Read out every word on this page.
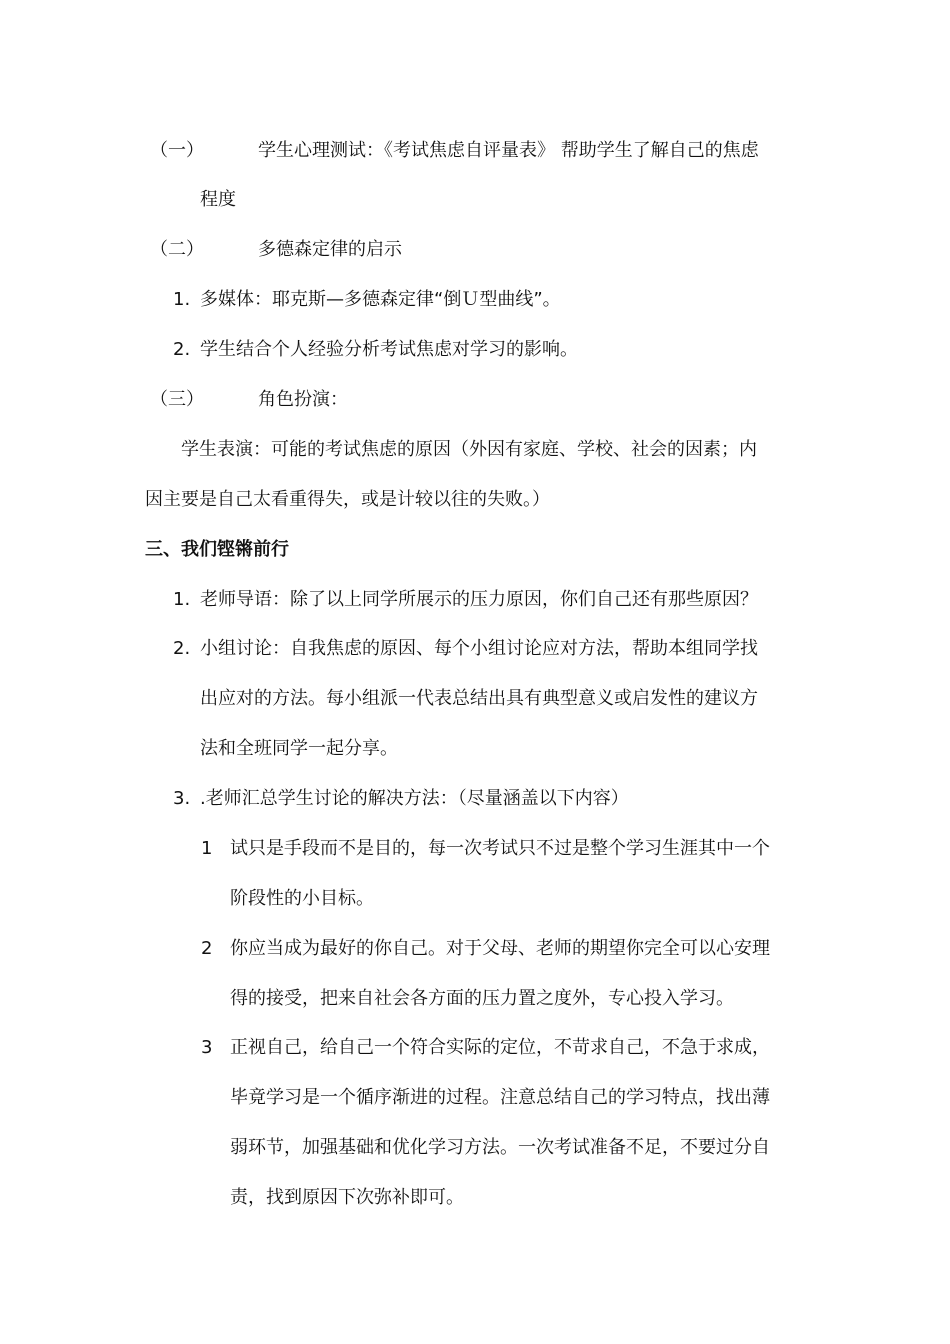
（一）	学生心理测试：《考试焦虑自评量表》 帮助学生了解自己的焦虑
程度
（二）	多德森定律的启示
1. 多媒体：耶克斯—多德森定律“倒Ｕ型曲线”。
2. 学生结合个人经验分析考试焦虑对学习的影响。
（三）	角色扮演：
学生表演：可能的考试焦虑的原因（外因有家庭、学校、社会的因素；内
因主要是自己太看重得失，或是计较以往的失败。）
三、我们铿锵前行
1. 老师导语：除了以上同学所展示的压力原因，你们自己还有那些原因？
2. 小组讨论：自我焦虑的原因、每个小组讨论应对方法，帮助本组同学找
出应对的方法。每小组派一代表总结出具有典型意义或启发性的建议方
法和全班同学一起分享。
3. .老师汇总学生讨论的解决方法：（尽量涵盖以下内容）
1 试只是手段而不是目的，每一次考试只不过是整个学习生涯其中一个
阶段性的小目标。
2 你应当成为最好的你自己。对于父母、老师的期望你完全可以心安理
得的接受，把来自社会各方面的压力置之度外，专心投入学习。
3 正视自己，给自己一个符合实际的定位，不苛求自己，不急于求成，
毕竟学习是一个循序渐进的过程。注意总结自己的学习特点，找出薄
弱环节，加强基础和优化学习方法。一次考试准备不足，不要过分自
责，找到原因下次弥补即可。
